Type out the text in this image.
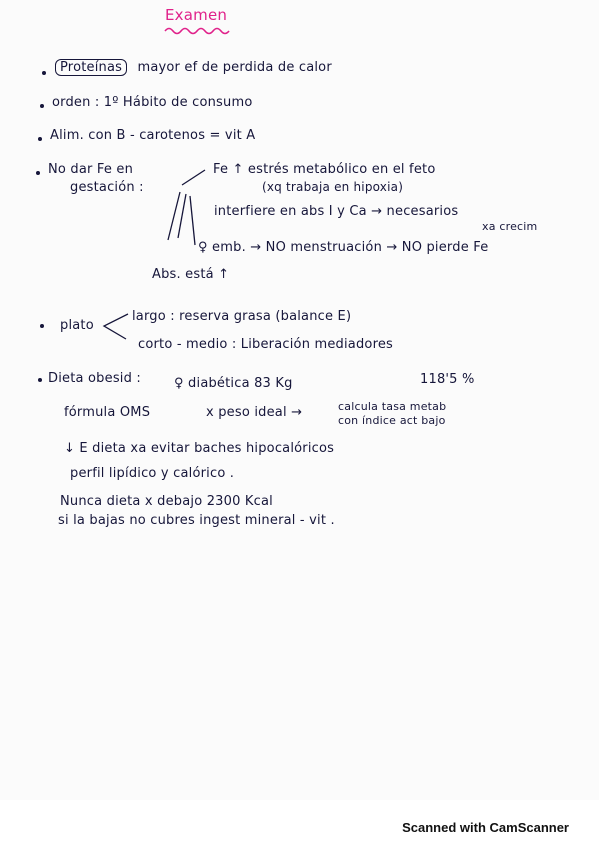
Examen
Proteínas mayor ef de perdida de calor
orden : 1º Hábito de consumo
Alim. con B - carotenos = vit A
No dar Fe en
gestación :
Fe ↑ estrés metabólico en el feto
(xq trabaja en hipoxia)
interfiere en abs I y Ca → necesarios
xa crecim
♀ emb. → NO menstruación → NO pierde Fe
Abs. está ↑
plato
largo : reserva grasa (balance E)
corto - medio : Liberación mediadores
Dieta obesid :	♀ diabética 83 Kg	118'5 %
fórmula OMS	x peso ideal →	calcula tasa metab
con índice act bajo
↓ E dieta xa evitar baches hipocalóricos
perfil lipídico y calórico .
Nunca dieta x debajo 2300 Kcal
si la bajas no cubres ingest mineral - vit .
Scanned with CamScanner
